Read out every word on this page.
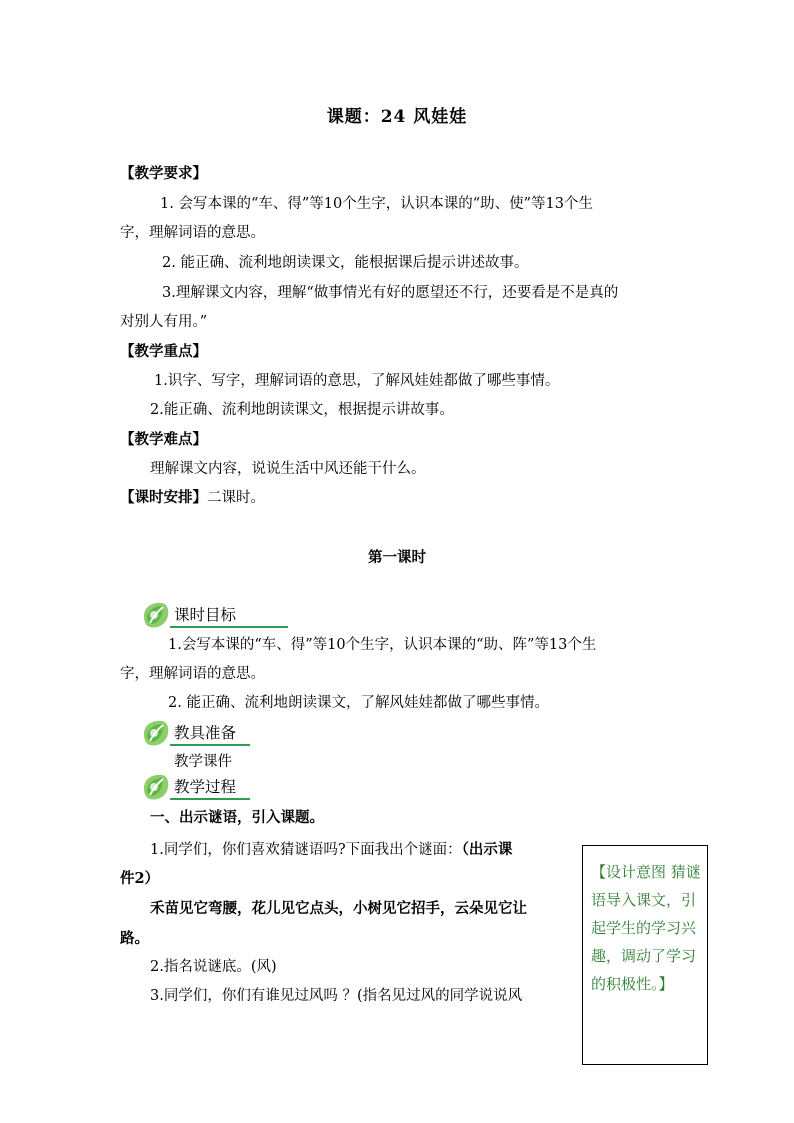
课题：24 风娃娃
【教学要求】
1. 会写本课的“车、得”等10个生字，认识本课的“助、使”等13个生
字，理解词语的意思。
2. 能正确、流利地朗读课文，能根据课后提示讲述故事。
3.理解课文内容，理解“做事情光有好的愿望还不行，还要看是不是真的
对别人有用。”
【教学重点】
1.识字、写字，理解词语的意思，了解风娃娃都做了哪些事情。
2.能正确、流利地朗读课文，根据提示讲故事。
【教学难点】
理解课文内容，说说生活中风还能干什么。
【课时安排】二课时。
第一课时
课时目标
1.会写本课的“车、得”等10个生字，认识本课的“助、阵”等13个生
字，理解词语的意思。
2. 能正确、流利地朗读课文，了解风娃娃都做了哪些事情。
教具准备
教学课件
教学过程
一、出示谜语，引入课题。
1.同学们，你们喜欢猜谜语吗?下面我出个谜面：（出示课
件2）
禾苗见它弯腰，花儿见它点头，小树见它招手，云朵见它让
路。
2.指名说谜底。(风)
3.同学们，你们有谁见过风吗 ？(指名见过风的同学说说风
【设计意图 猜谜语导入课文，引起学生的学习兴趣，调动了学习的积极性。】
